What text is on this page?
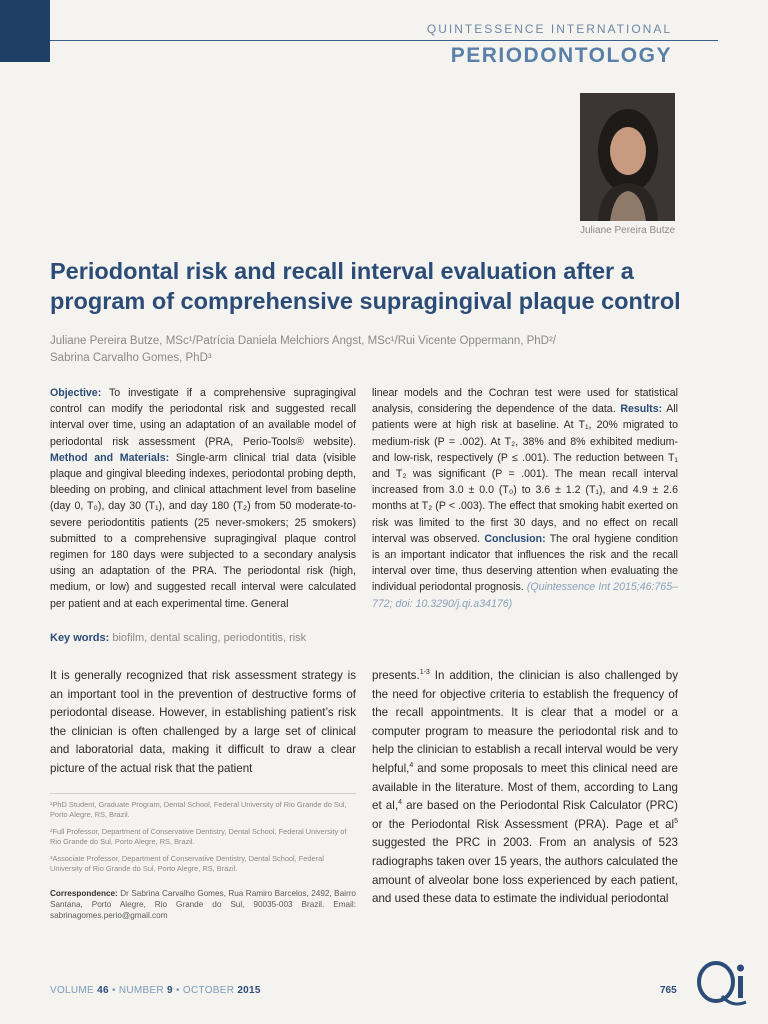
QUINTESSENCE INTERNATIONAL
PERIODONTOLOGY
Juliane Pereira Butze
Periodontal risk and recall interval evaluation after a program of comprehensive supragingival plaque control
Juliane Pereira Butze, MSc¹/Patrícia Daniela Melchiors Angst, MSc¹/Rui Vicente Oppermann, PhD²/
Sabrina Carvalho Gomes, PhD³
Objective: To investigate if a comprehensive supragingival control can modify the periodontal risk and suggested recall interval over time, using an adaptation of an available model of periodontal risk assessment (PRA, Perio-Tools® website). Method and Materials: Single-arm clinical trial data (visible plaque and gingival bleeding indexes, periodontal probing depth, bleeding on probing, and clinical attachment level from baseline (day 0, T₀), day 30 (T₁), and day 180 (T₂) from 50 moderate-to-severe periodontitis patients (25 never-smokers; 25 smokers) submitted to a comprehensive supragingival plaque control regimen for 180 days were subjected to a secondary analysis using an adaptation of the PRA. The periodontal risk (high, medium, or low) and suggested recall interval were calculated per patient and at each experimental time. General
linear models and the Cochran test were used for statistical analysis, considering the dependence of the data. Results: All patients were at high risk at baseline. At T₁, 20% migrated to medium-risk (P = .002). At T₂, 38% and 8% exhibited medium- and low-risk, respectively (P ≤ .001). The reduction between T₁ and T₂ was significant (P = .001). The mean recall interval increased from 3.0 ± 0.0 (T₀) to 3.6 ± 1.2 (T₁), and 4.9 ± 2.6 months at T₂ (P < .003). The effect that smoking habit exerted on risk was limited to the first 30 days, and no effect on recall interval was observed. Conclusion: The oral hygiene condition is an important indicator that influences the risk and the recall interval over time, thus deserving attention when evaluating the individual periodontal prognosis. (Quintessence Int 2015;46:765–772; doi: 10.3290/j.qi.a34176)
Key words: biofilm, dental scaling, periodontitis, risk
It is generally recognized that risk assessment strategy is an important tool in the prevention of destructive forms of periodontal disease. However, in establishing patient’s risk the clinician is often challenged by a large set of clinical and laboratorial data, making it difficult to draw a clear picture of the actual risk that the patient
presents.$^{1-3}$ In addition, the clinician is also challenged by the need for objective criteria to establish the frequency of the recall appointments. It is clear that a model or a computer program to measure the periodontal risk and to help the clinician to establish a recall interval would be very helpful,$^4$ and some proposals to meet this clinical need are available in the literature. Most of them, according to Lang et al,$^4$ are based on the Periodontal Risk Calculator (PRC) or the Periodontal Risk Assessment (PRA). Page et $al^5$ suggested the PRC in 2003. From an analysis of 523 radiographs taken over 15 years, the authors calculated the amount of alveolar bone loss experienced by each patient, and used these data to estimate the individual periodontal

¹PhD Student, Graduate Program, Dental School, Federal University of Rio Grande do Sul, Porto Alegre, RS, Brazil.

²Full Professor, Department of Conservative Dentistry, Dental School, Federal University of Rio Grande do Sul, Porto Alegre, RS, Brazil.

³Associate Professor, Department of Conservative Dentistry, Dental School, Federal University of Rio Grande do Sul, Porto Alegre, RS, Brazil.

Correspondence: Dr Sabrina Carvalho Gomes, Rua Ramiro Barcelos, 2492, Bairro Santana, Porto Alegre, Rio Grande do Sul, 90035-003 Brazil. Email: sabrinagomes.perio@gmail.com
VOLUME 46 • NUMBER 9 • OCTOBER 2015	765
